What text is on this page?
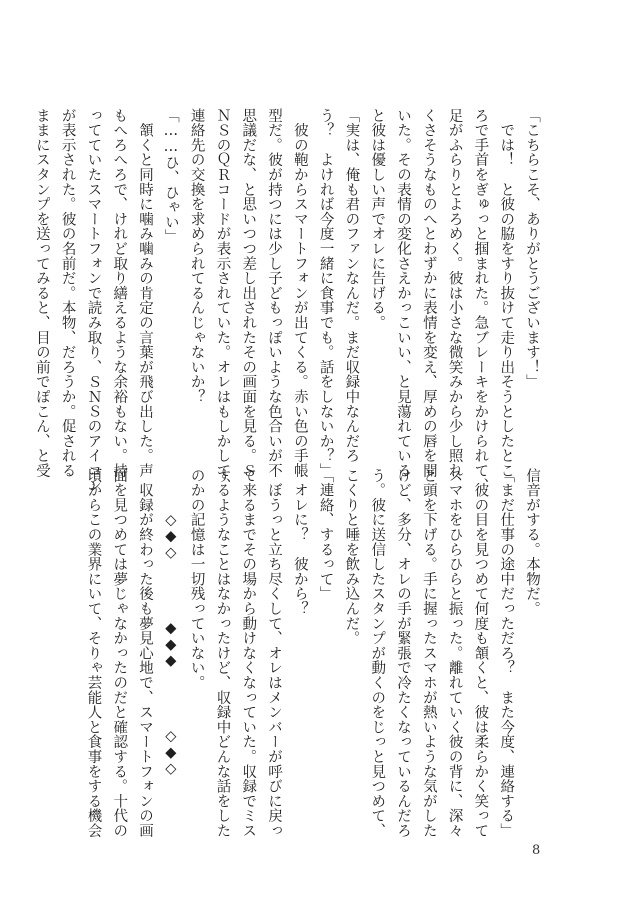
「こちらこそ、ありがとうございます！」
　では！　と彼の脇をすり抜けて走り出そうとしたとこ
ろで手首をぎゅっと掴まれた。急ブレーキをかけられて、
足がふらりとよろめく。彼は小さな微笑みから少し照れ
くさそうなものへとわずかに表情を変え、厚めの唇を開
いた。その表情の変化さえかっこいい、と見蕩れている
と彼は優しい声でオレに告げる。
「実は、俺も君のファンなんだ。まだ収録中なんだろ
う？　よければ今度一緒に食事でも。話をしないか？」
　彼の鞄からスマートフォンが出てくる。赤い色の手帳
型だ。彼が持つには少し子どもっぽいような色合いが不
思議だな、と思いつつ差し出されたその画面を見る。Ｓ
ＮＳのＱＲコードが表示されていた。オレはもしかして、
連絡先の交換を求められてるんじゃないか？
「……ひ、ひゃい」
　頷くと同時に噛み噛みの肯定の言葉が飛び出した。声
もへろへろで、けれど取り繕えるような余裕もない。持
ってていたスマートフォンで読み取り、ＳＮＳのアイコン
が表示された。彼の名前だ。本物、だろうか。促される
ままにスタンプを送ってみると、目の前でぽこん、と受
信音がする。本物だ。
「まだ仕事の途中だっただろ？　また今度、連絡する」
　彼の目を見つめて何度も頷くと、彼は柔らかく笑って
スマホをひらひらと振った。離れていく彼の背に、深々
と頭を下げる。手に握ったスマホが熱いような気がした
けど、多分、オレの手が緊張で冷たくなっているんだろ
う。彼に送信したスタンプが動くのをじっと見つめて、
こくりと唾を飲み込んだ。
「連絡、するって」
　オレに？　彼から？
　ぼうっと立ち尽くして、オレはメンバーが呼びに戻っ
て来るまでその場から動けなくなっていた。収録でミス
するようなことはなかったけど、収録中どんな話をした
のかの記憶は一切残っていない。
　　　◇◆◇　　　　◆◆◆　　　　◇◆◇
　収録が終わった後も夢見心地で、スマートフォンの画
面を見つめては夢じゃなかったのだと確認する。十代の
頃からこの業界にいて、そりゃ芸能人と食事をする機会
8
